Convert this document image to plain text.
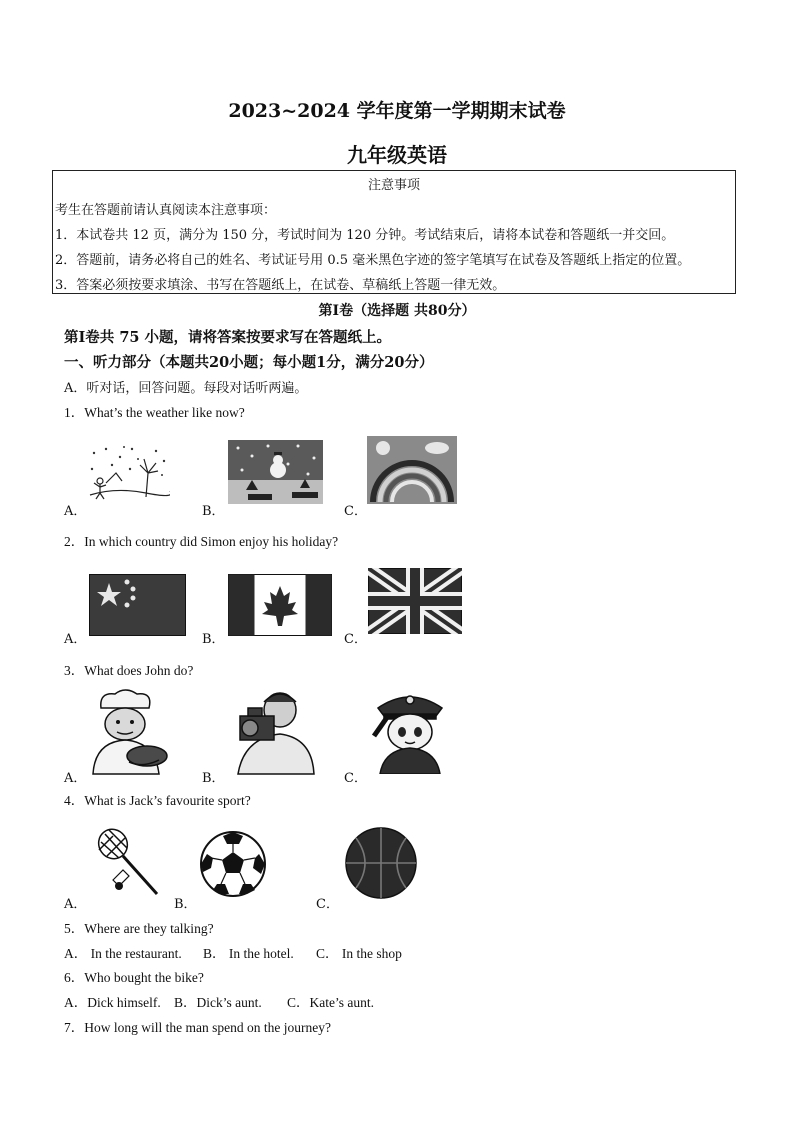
2023~2024 学年度第一学期期末试卷
九年级英语
注意事项
考生在答题前请认真阅读本注意事项：
1．本试卷共 12 页，满分为 150 分，考试时间为 120 分钟。考试结束后，请将本试卷和答题纸一并交回。
2．答题前，请务必将自己的姓名、考试证号用 0.5 毫米黑色字迹的签字笔填写在试卷及答题纸上指定的位置。
3．答案必须按要求填涂、书写在答题纸上，在试卷、草稿纸上答题一律无效。
第Ⅰ卷（选择题 共80分）
第Ⅰ卷共 75 小题，请将答案按要求写在答题纸上。
一、听力部分（本题共20小题；每小题1分，满分20分）
A．听对话，回答问题。每段对话听两遍。
1．What’s the weather like now?
A．	B．	C．
2．In which country did Simon enjoy his holiday?
A．	B．	C．
3．What does John do?
A．	B．	C．
4．What is Jack’s favourite sport?
A．	B．	C．
5．Where are they talking?
A． In the restaurant. B． In the hotel. C． In the shop
6．Who bought the bike?
A．Dick himself. B．Dick’s aunt. C．Kate’s aunt.
7．How long will the man spend on the journey?
